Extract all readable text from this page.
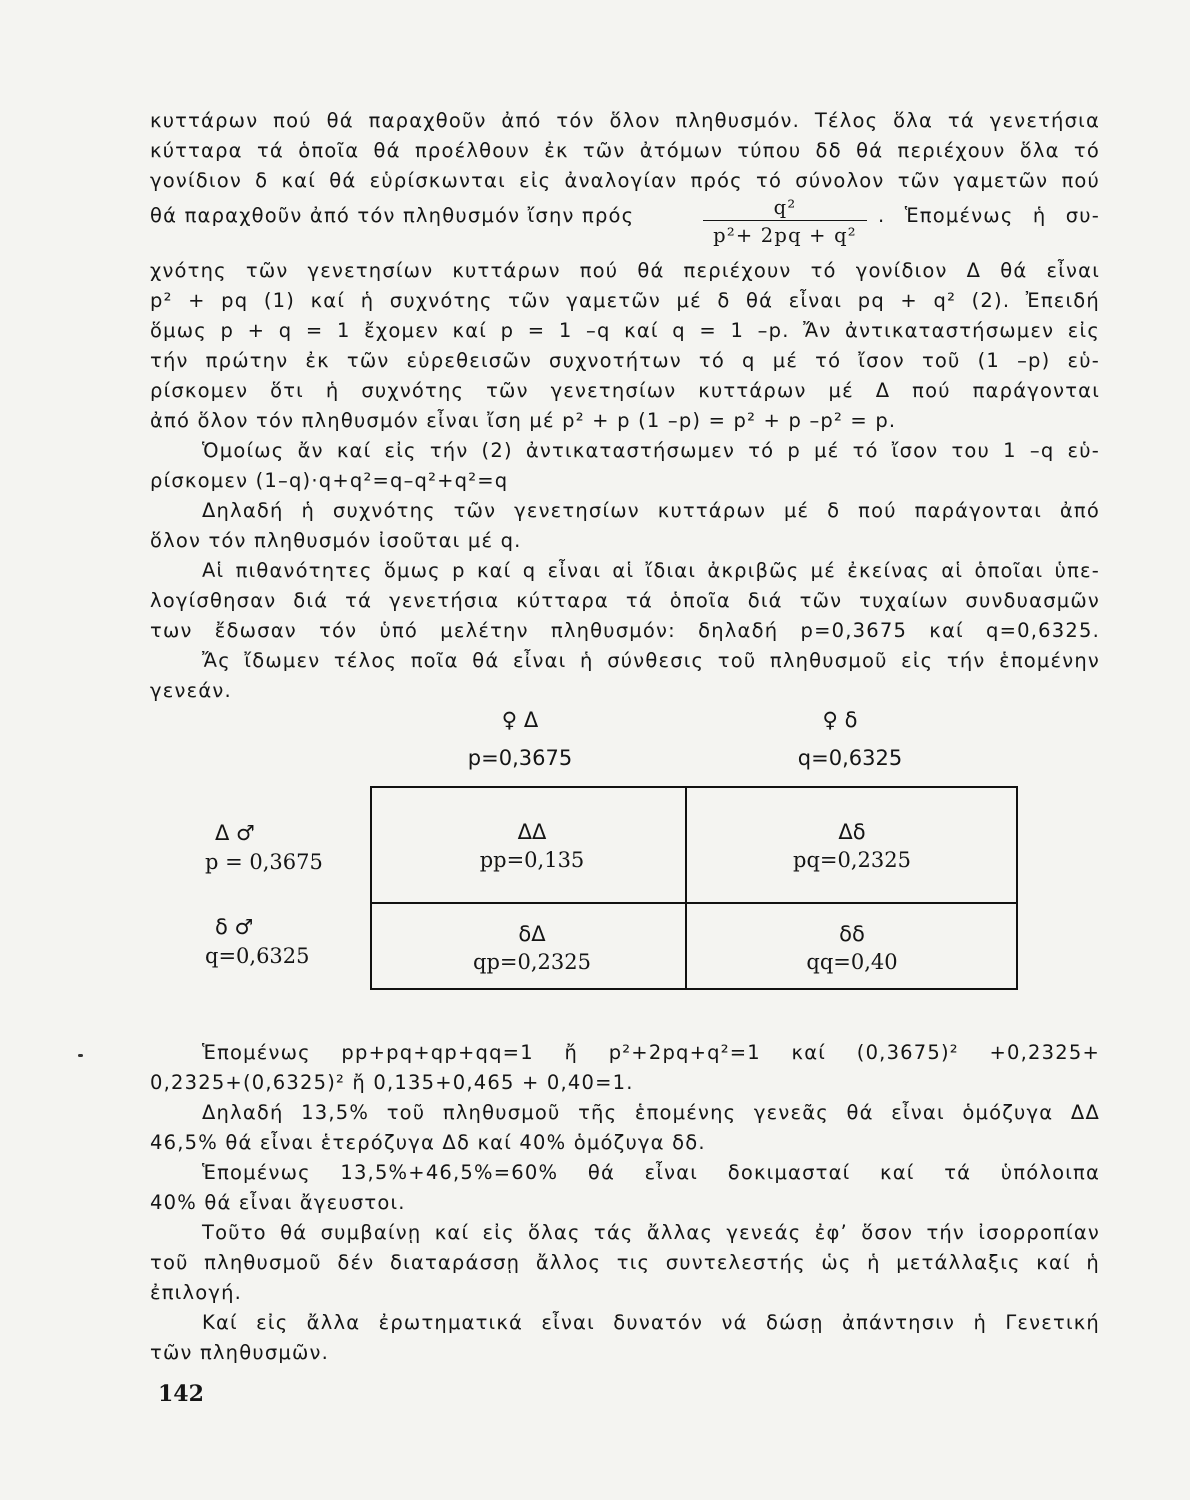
κυττάρων πού θά παραχθοῦν ἀπό τόν ὅλον πληθυσμόν. Τέλος ὅλα τά γενετήσια
κύτταρα τά ὁποῖα θά προέλθουν ἐκ τῶν ἀτόμων τύπου δδ θά περιέχουν ὅλα τό
γονίδιον δ καί θά εὑρίσκωνται εἰς ἀναλογίαν πρός τό σύνολον τῶν γαμετῶν πού
θά παραχθοῦν ἀπό τόν πληθυσμόν ἴσην πρός	$\frac{\text{q²}}{\text{p²+ 2pq + q²}}$ . Ἑπομένως ἡ συ-
χνότης τῶν γενετησίων κυττάρων πού θά περιέχουν τό γονίδιον Δ θά εἶναι
p² + pq (1) καί ἡ συχνότης τῶν γαμετῶν μέ δ θά εἶναι pq + q² (2). Ἐπειδή
ὅμως p + q = 1 ἔχομεν καί p = 1 –q καί q = 1 –p. Ἄν ἀντικαταστήσωμεν εἰς
τήν πρώτην ἐκ τῶν εὑρεθεισῶν συχνοτήτων τό q μέ τό ἴσον τοῦ (1 –p) εὑ-
ρίσκομεν ὅτι ἡ συχνότης τῶν γενετησίων κυττάρων μέ Δ πού παράγονται
ἀπό ὅλον τόν πληθυσμόν εἶναι ἴση μέ p² + p (1 –p) = p² + p –p² = p.
Ὁμοίως ἄν καί εἰς τήν (2) ἀντικαταστήσωμεν τό p μέ τό ἴσον του 1 –q εὑ-
ρίσκομεν (1–q)·q+q²=q–q²+q²=q
Δηλαδή ἡ συχνότης τῶν γενετησίων κυττάρων μέ δ πού παράγονται ἀπό
ὅλον τόν πληθυσμόν ἰσοῦται μέ q.
Αἱ πιθανότητες ὅμως p καί q εἶναι αἱ ἴδιαι ἀκριβῶς μέ ἐκείνας αἱ ὁποῖαι ὑπε-
λογίσθησαν διά τά γενετήσια κύτταρα τά ὁποῖα διά τῶν τυχαίων συνδυασμῶν
των ἔδωσαν τόν ὑπό μελέτην πληθυσμόν: δηλαδή p=0,3675 καί q=0,6325.
Ἄς ἴδωμεν τέλος ποῖα θά εἶναι ἡ σύνθεσις τοῦ πληθυσμοῦ εἰς τήν ἑπομένην
γενεάν.
♀ Δ
p=0,3675
♀ δ
q=0,6325
Δ ♂
p = 0,3675
δ ♂
q=0,6325
ΔΔ
pp=0,135
Δδ
pq=0,2325
δΔ
qp=0,2325
δδ
qq=0,40
Ἑπομένως pp+pq+qp+qq=1 ἤ p²+2pq+q²=1 καί (0,3675)² +0,2325+
0,2325+(0,6325)² ἤ 0,135+0,465 + 0,40=1.
Δηλαδή 13,5% τοῦ πληθυσμοῦ τῆς ἑπομένης γενεᾶς θά εἶναι ὁμόζυγα ΔΔ
46,5% θά εἶναι ἑτερόζυγα Δδ καί 40% ὁμόζυγα δδ.
Ἑπομένως 13,5%+46,5%=60% θά εἶναι δοκιμασταί καί τά ὑπόλοιπα
40% θά εἶναι ἄγευστοι.
Τοῦτο θά συμβαίνῃ καί εἰς ὅλας τάς ἄλλας γενεάς ἐφ’ ὅσον τήν ἰσορροπίαν
τοῦ πληθυσμοῦ δέν διαταράσσῃ ἄλλος τις συντελεστής ὡς ἡ μετάλλαξις καί ἡ
ἐπιλογή.
Καί εἰς ἄλλα ἐρωτηματικά εἶναι δυνατόν νά δώσῃ ἀπάντησιν ἡ Γενετική
τῶν πληθυσμῶν.
142
